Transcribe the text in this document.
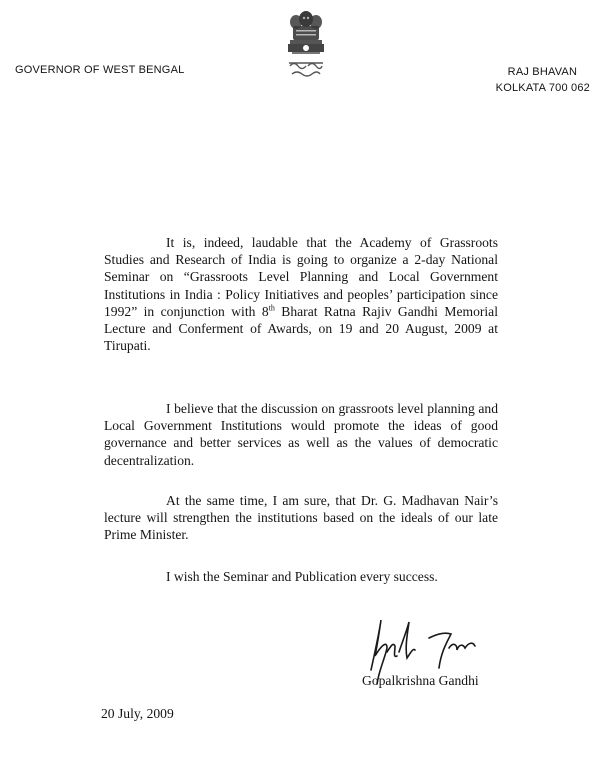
GOVERNOR OF WEST BENGAL	RAJ BHAVAN
KOLKATA 700 062
It is, indeed, laudable that the Academy of Grassroots Studies and Research of India is going to organize a 2-day National Seminar on “Grassroots Level Planning and Local Government Institutions in India : Policy Initiatives and peoples’ participation since 1992” in conjunction with 8th Bharat Ratna Rajiv Gandhi Memorial Lecture and Conferment of Awards, on 19 and 20 August, 2009 at Tirupati.
I believe that the discussion on grassroots level planning and Local Government Institutions would promote the ideas of good governance and better services as well as the values of democratic decentralization.
At the same time, I am sure, that Dr. G. Madhavan Nair’s lecture will strengthen the institutions based on the ideals of our late Prime Minister.
I wish the Seminar and Publication every success.
Gopalkrishna Gandhi
20 July, 2009
